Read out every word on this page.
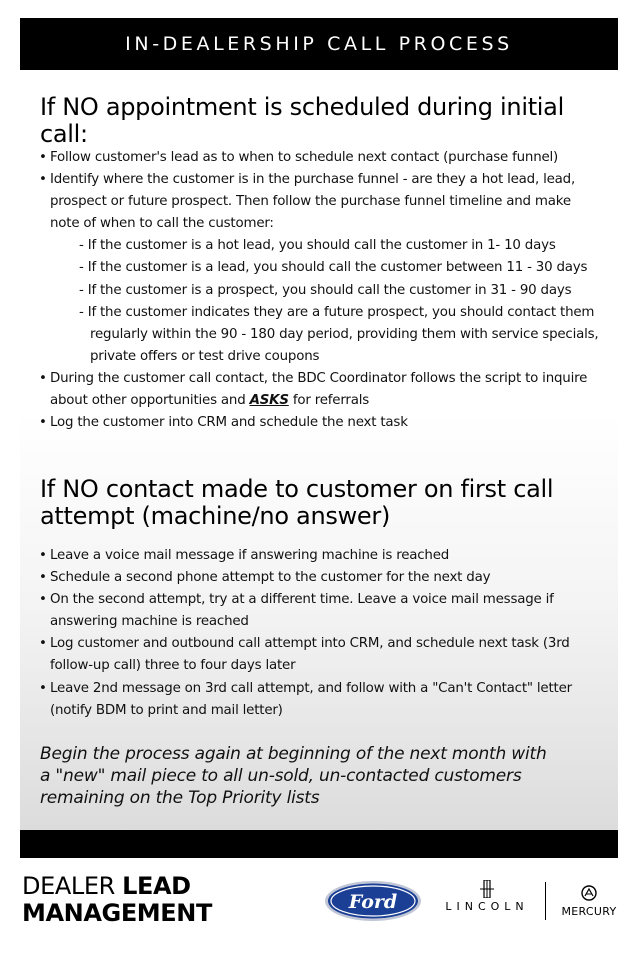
IN-DEALERSHIP CALL PROCESS
If NO appointment is scheduled during initial call:
• Follow customer's lead as to when to schedule next contact (purchase funnel)
• Identify where the customer is in the purchase funnel - are they a hot lead, lead, prospect or future prospect. Then follow the purchase funnel timeline and make note of when to call the customer:
- If the customer is a hot lead, you should call the customer in 1- 10 days
- If the customer is a lead, you should call the customer between 11 - 30 days
- If the customer is a prospect, you should call the customer in 31 - 90 days
- If the customer indicates they are a future prospect, you should contact them regularly within the 90 - 180 day period, providing them with service specials, private offers or test drive coupons
• During the customer call contact, the BDC Coordinator follows the script to inquire about other opportunities and ASKS for referrals
• Log the customer into CRM and schedule the next task
If NO contact made to customer on first call attempt (machine/no answer)
• Leave a voice mail message if answering machine is reached
• Schedule a second phone attempt to the customer for the next day
• On the second attempt, try at a different time. Leave a voice mail message if answering machine is reached
• Log customer and outbound call attempt into CRM, and schedule next task (3rd follow-up call) three to four days later
• Leave 2nd message on 3rd call attempt, and follow with a "Can't Contact" letter (notify BDM to print and mail letter)
Begin the process again at beginning of the next month with a "new" mail piece to all un-sold, un-contacted customers remaining on the Top Priority lists
DEALER LEAD
MANAGEMENT	Ford	LINCOLN	MERCURY
